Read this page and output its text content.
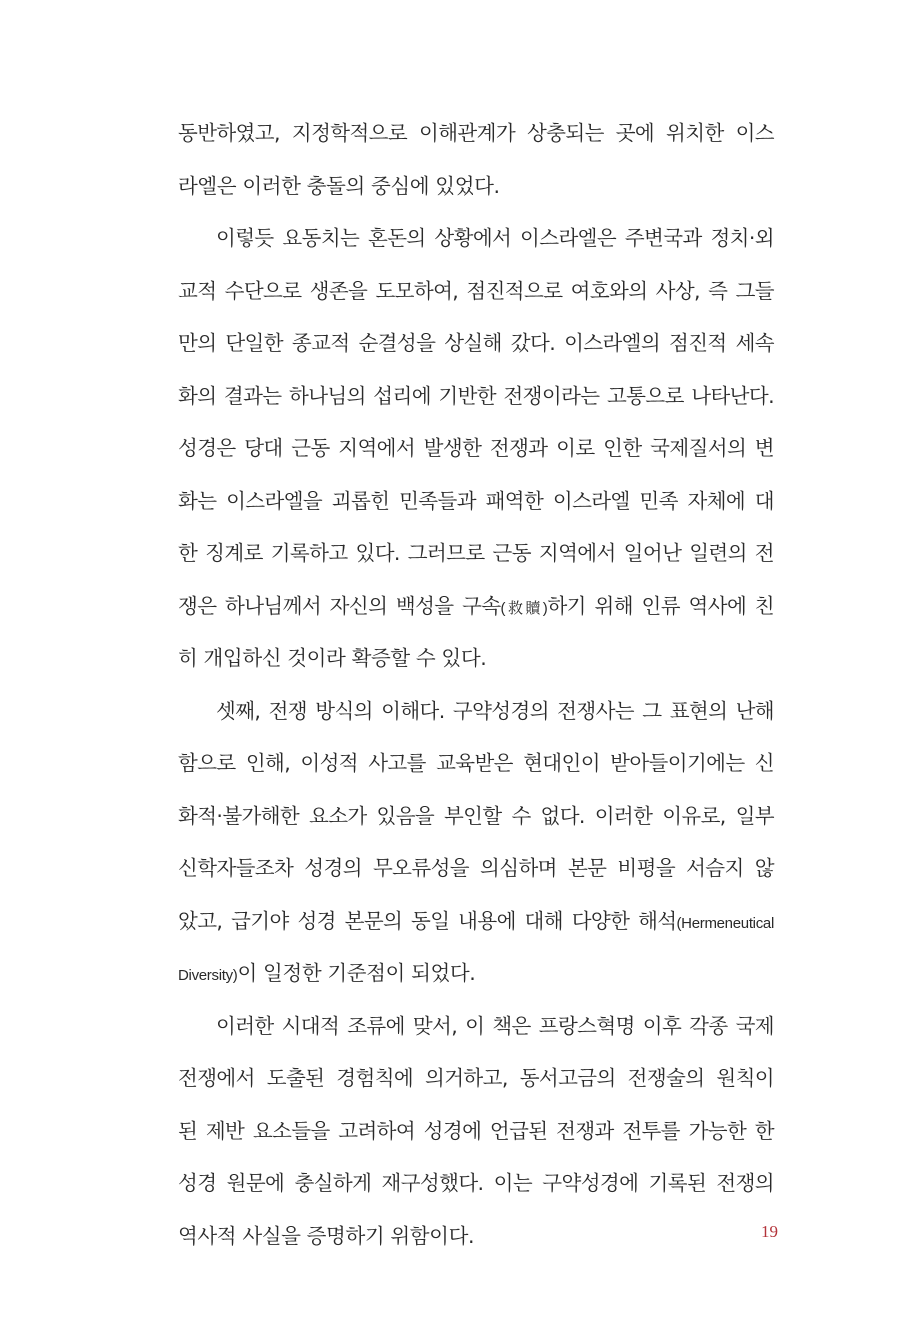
동반하였고, 지정학적으로 이해관계가 상충되는 곳에 위치한 이스
라엘은 이러한 충돌의 중심에 있었다.
이렇듯 요동치는 혼돈의 상황에서 이스라엘은 주변국과 정치·외
교적 수단으로 생존을 도모하여, 점진적으로 여호와의 사상, 즉 그들
만의 단일한 종교적 순결성을 상실해 갔다. 이스라엘의 점진적 세속
화의 결과는 하나님의 섭리에 기반한 전쟁이라는 고통으로 나타난다.
성경은 당대 근동 지역에서 발생한 전쟁과 이로 인한 국제질서의 변
화는 이스라엘을 괴롭힌 민족들과 패역한 이스라엘 민족 자체에 대
한 징계로 기록하고 있다. 그러므로 근동 지역에서 일어난 일련의 전
쟁은 하나님께서 자신의 백성을 구속(救贖)하기 위해 인류 역사에 친
히 개입하신 것이라 확증할 수 있다.
셋째, 전쟁 방식의 이해다. 구약성경의 전쟁사는 그 표현의 난해
함으로 인해, 이성적 사고를 교육받은 현대인이 받아들이기에는 신
화적·불가해한 요소가 있음을 부인할 수 없다. 이러한 이유로, 일부
신학자들조차 성경의 무오류성을 의심하며 본문 비평을 서슴지 않
았고, 급기야 성경 본문의 동일 내용에 대해 다양한 해석(Hermeneutical
Diversity)이 일정한 기준점이 되었다.
이러한 시대적 조류에 맞서, 이 책은 프랑스혁명 이후 각종 국제
전쟁에서 도출된 경험칙에 의거하고, 동서고금의 전쟁술의 원칙이
된 제반 요소들을 고려하여 성경에 언급된 전쟁과 전투를 가능한 한
성경 원문에 충실하게 재구성했다. 이는 구약성경에 기록된 전쟁의
역사적 사실을 증명하기 위함이다.	19
